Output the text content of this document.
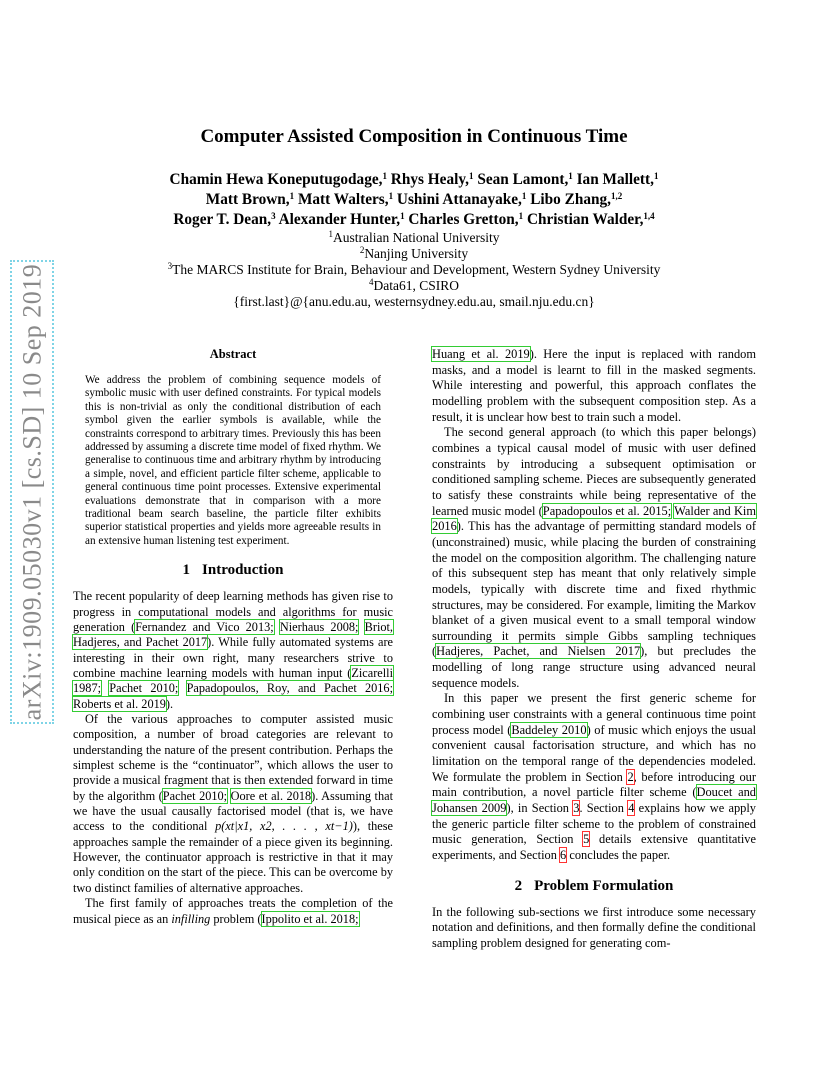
arXiv:1909.05030v1 [cs.SD] 10 Sep 2019
Computer Assisted Composition in Continuous Time
Chamin Hewa Koneputugodage,$^1$ Rhys Healy,$^1$ Sean Lamont,$^1$ Ian Mallett,$^1$
Matt Brown,$^1$ Matt Walters,$^1$ Ushini Attanayake,$^1$ Libo Zhang,$^{1,2}$
Roger T. Dean,$^3$ Alexander Hunter,$^1$ Charles Gretton,$^1$ Christian Walder,$^{1,4}$
$^1$Australian National University
$^2$Nanjing University
$^3$The MARCS Institute for Brain, Behaviour and Development, Western Sydney University
$^4$Data61, CSIRO
{first.last}@{anu.edu.au, westernsydney.edu.au, smail.nju.edu.cn}
Abstract

We address the problem of combining sequence models of symbolic music with user defined constraints. For typical models this is non-trivial as only the conditional distribution of each symbol given the earlier symbols is available, while the constraints correspond to arbitrary times. Previously this has been addressed by assuming a discrete time model of fixed rhythm. We generalise to continuous time and arbitrary rhythm by introducing a simple, novel, and efficient particle filter scheme, applicable to general continuous time point processes. Extensive experimental evaluations demonstrate that in comparison with a more traditional beam search baseline, the particle filter exhibits superior statistical properties and yields more agreeable results in an extensive human listening test experiment.

1 Introduction

The recent popularity of deep learning methods has given rise to progress in computational models and algorithms for music generation (Fernandez and Vico 2013; Nierhaus 2008; Briot, Hadjeres, and Pachet 2017). While fully automated systems are interesting in their own right, many researchers strive to combine machine learning models with human input (Zicarelli 1987; Pachet 2010; Papadopoulos, Roy, and Pachet 2016; Roberts et al. 2019).

Of the various approaches to computer assisted music composition, a number of broad categories are relevant to understanding the nature of the present contribution. Perhaps the simplest scheme is the “continuator”, which allows the user to provide a musical fragment that is then extended forward in time by the algorithm (Pachet 2010; Oore et al. 2018). Assuming that we have the usual causally factorised model (that is, we have access to the conditional p(xt|x1, x2, . . . , xt−1)), these approaches sample the remainder of a piece given its beginning. However, the continuator approach is restrictive in that it may only condition on the start of the piece. This can be overcome by two distinct families of alternative approaches.

The first family of approaches treats the completion of the musical piece as an infilling problem (Ippolito et al. 2018;

Huang et al. 2019). Here the input is replaced with random masks, and a model is learnt to fill in the masked segments. While interesting and powerful, this approach conflates the modelling problem with the subsequent composition step. As a result, it is unclear how best to train such a model.

The second general approach (to which this paper belongs) combines a typical causal model of music with user defined constraints by introducing a subsequent optimisation or conditioned sampling scheme. Pieces are subsequently generated to satisfy these constraints while being representative of the learned music model (Papadopoulos et al. 2015; Walder and Kim 2016). This has the advantage of permitting standard models of (unconstrained) music, while placing the burden of constraining the model on the composition algorithm. The challenging nature of this subsequent step has meant that only relatively simple models, typically with discrete time and fixed rhythmic structures, may be considered. For example, limiting the Markov blanket of a given musical event to a small temporal window surrounding it permits simple Gibbs sampling techniques (Hadjeres, Pachet, and Nielsen 2017), but precludes the modelling of long range structure using advanced neural sequence models.

In this paper we present the first generic scheme for combining user constraints with a general continuous time point process model (Baddeley 2010) of music which enjoys the usual convenient causal factorisation structure, and which has no limitation on the temporal range of the dependencies modeled. We formulate the problem in Section 2, before introducing our main contribution, a novel particle filter scheme (Doucet and Johansen 2009), in Section 3. Section 4 explains how we apply the generic particle filter scheme to the problem of constrained music generation, Section 5 details extensive quantitative experiments, and Section 6 concludes the paper.

2 Problem Formulation

In the following sub-sections we first introduce some necessary notation and definitions, and then formally define the conditional sampling problem designed for generating com-
